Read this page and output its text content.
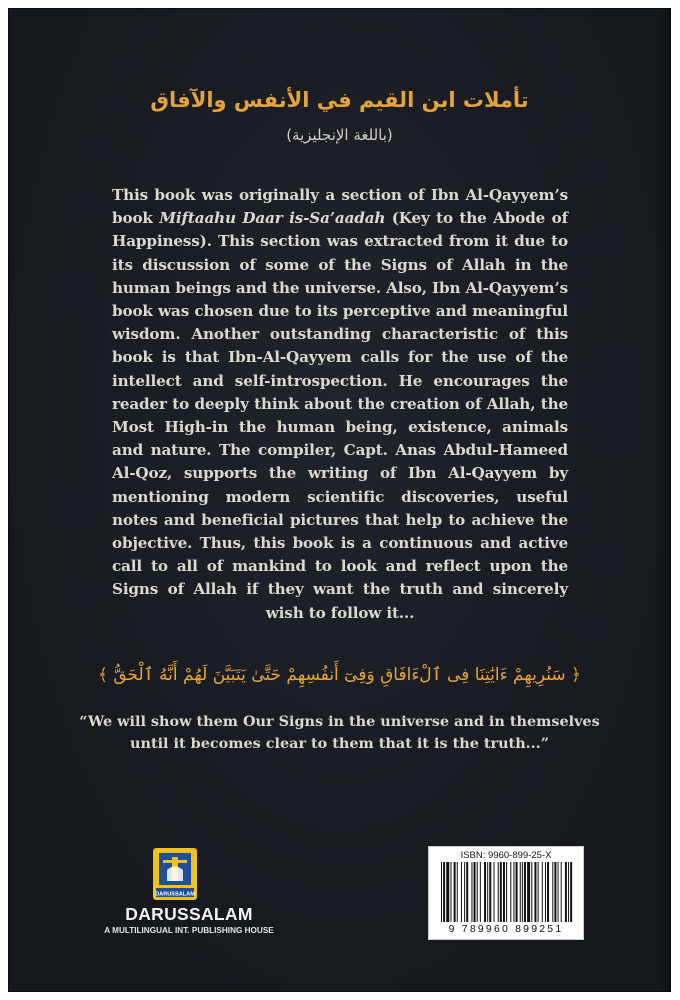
تأملات ابن القيم في الأنفس والآفاق
(باللغة الإنجليزية)
This book was originally a section of Ibn Al-Qayyem’s book Miftaahu Daar is-Sa’aadah (Key to the Abode of Happiness). This section was extracted from it due to its discussion of some of the Signs of Allah in the human beings and the universe. Also, Ibn Al-Qayyem’s book was chosen due to its perceptive and meaningful wisdom. Another outstanding characteristic of this book is that Ibn-Al-Qayyem calls for the use of the intellect and self-introspection. He encourages the reader to deeply think about the creation of Allah, the Most High-in the human being, existence, animals and nature. The compiler, Capt. Anas Abdul-Hameed Al-Qoz, supports the writing of Ibn Al-Qayyem by mentioning modern scientific discoveries, useful notes and beneficial pictures that help to achieve the objective. Thus, this book is a continuous and active call to all of mankind to look and reflect upon the Signs of Allah if they want the truth and sincerely wish to follow it...
﴿ سَنُرِيهِمْ ءَايَٰتِنَا فِى ٱلْءَافَاقِ وَفِىٓ أَنفُسِهِمْ حَتَّىٰ يَتَبَيَّنَ لَهُمْ أَنَّهُ ٱلْحَقُّ ﴾
“We will show them Our Signs in the universe and in themselves
until it becomes clear to them that it is the truth...”
DARUSSALAM
DARUSSALAM
A MULTILINGUAL INT. PUBLISHING HOUSE
ISBN: 9960-899-25-X
9 789960 899251
